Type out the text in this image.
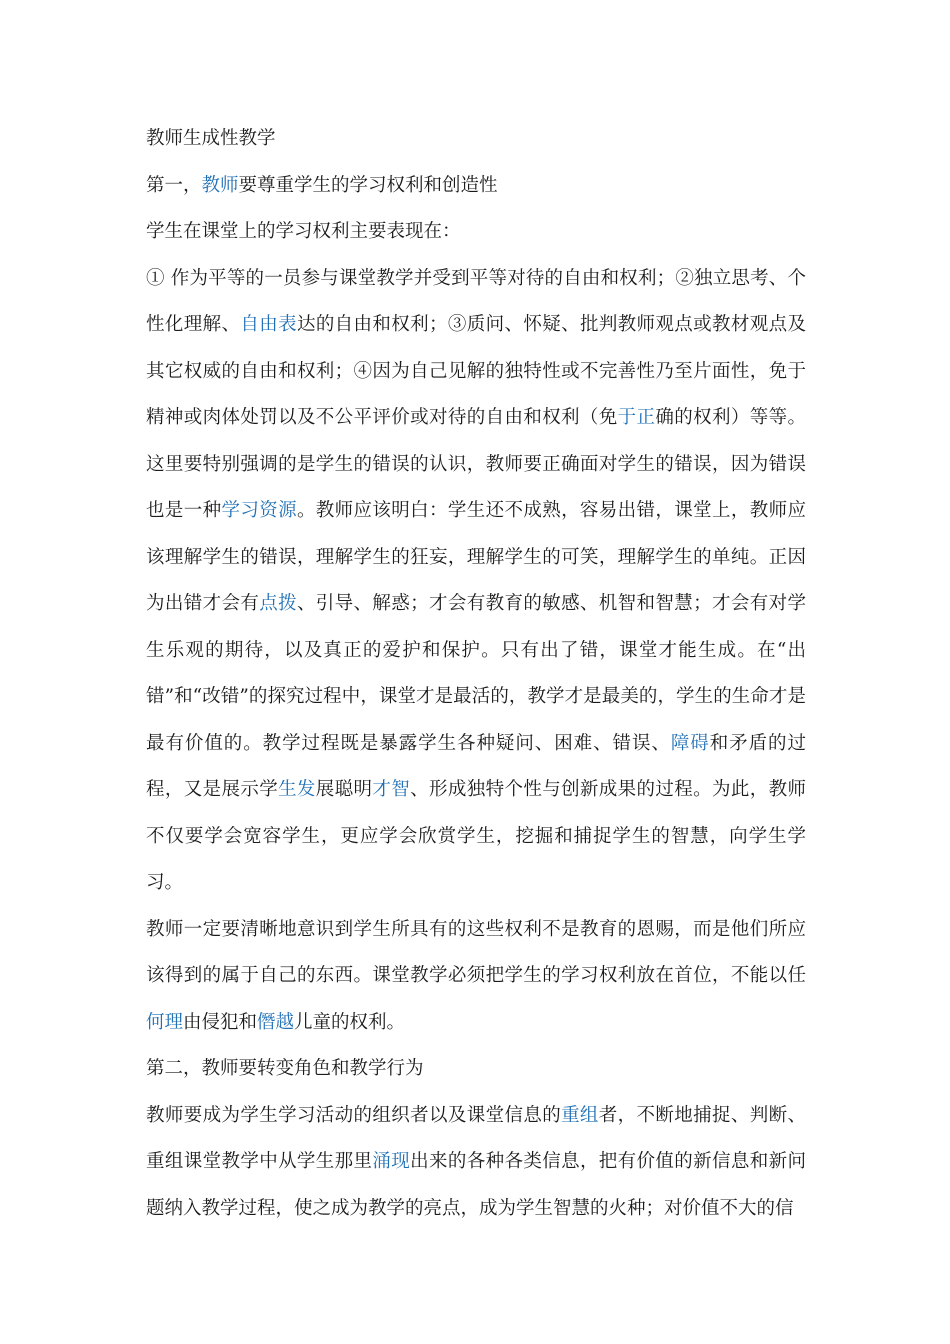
教师生成性教学

第一，教师要尊重学生的学习权利和创造性

学生在课堂上的学习权利主要表现在：

① 作为平等的一员参与课堂教学并受到平等对待的自由和权利；②独立思考、个性化理解、自由表达的自由和权利；③质问、怀疑、批判教师观点或教材观点及其它权威的自由和权利；④因为自己见解的独特性或不完善性乃至片面性，免于精神或肉体处罚以及不公平评价或对待的自由和权利（免于正确的权利）等等。这里要特别强调的是学生的错误的认识，教师要正确面对学生的错误，因为错误也是一种学习资源。教师应该明白：学生还不成熟，容易出错，课堂上，教师应该理解学生的错误，理解学生的狂妄，理解学生的可笑，理解学生的单纯。正因为出错才会有点拨、引导、解惑；才会有教育的敏感、机智和智慧；才会有对学生乐观的期待，以及真正的爱护和保护。只有出了错，课堂才能生成。在“出错”和“改错”的探究过程中，课堂才是最活的，教学才是最美的，学生的生命才是最有价值的。教学过程既是暴露学生各种疑问、困难、错误、障碍和矛盾的过程，又是展示学生发展聪明才智、形成独特个性与创新成果的过程。为此，教师不仅要学会宽容学生，更应学会欣赏学生，挖掘和捕捉学生的智慧，向学生学习。

教师一定要清晰地意识到学生所具有的这些权利不是教育的恩赐，而是他们所应该得到的属于自己的东西。课堂教学必须把学生的学习权利放在首位，不能以任何理由侵犯和僭越儿童的权利。

第二，教师要转变角色和教学行为

教师要成为学生学习活动的组织者以及课堂信息的重组者，不断地捕捉、判断、重组课堂教学中从学生那里涌现出来的各种各类信息，把有价值的新信息和新问题纳入教学过程，使之成为教学的亮点，成为学生智慧的火种；对价值不大的信
